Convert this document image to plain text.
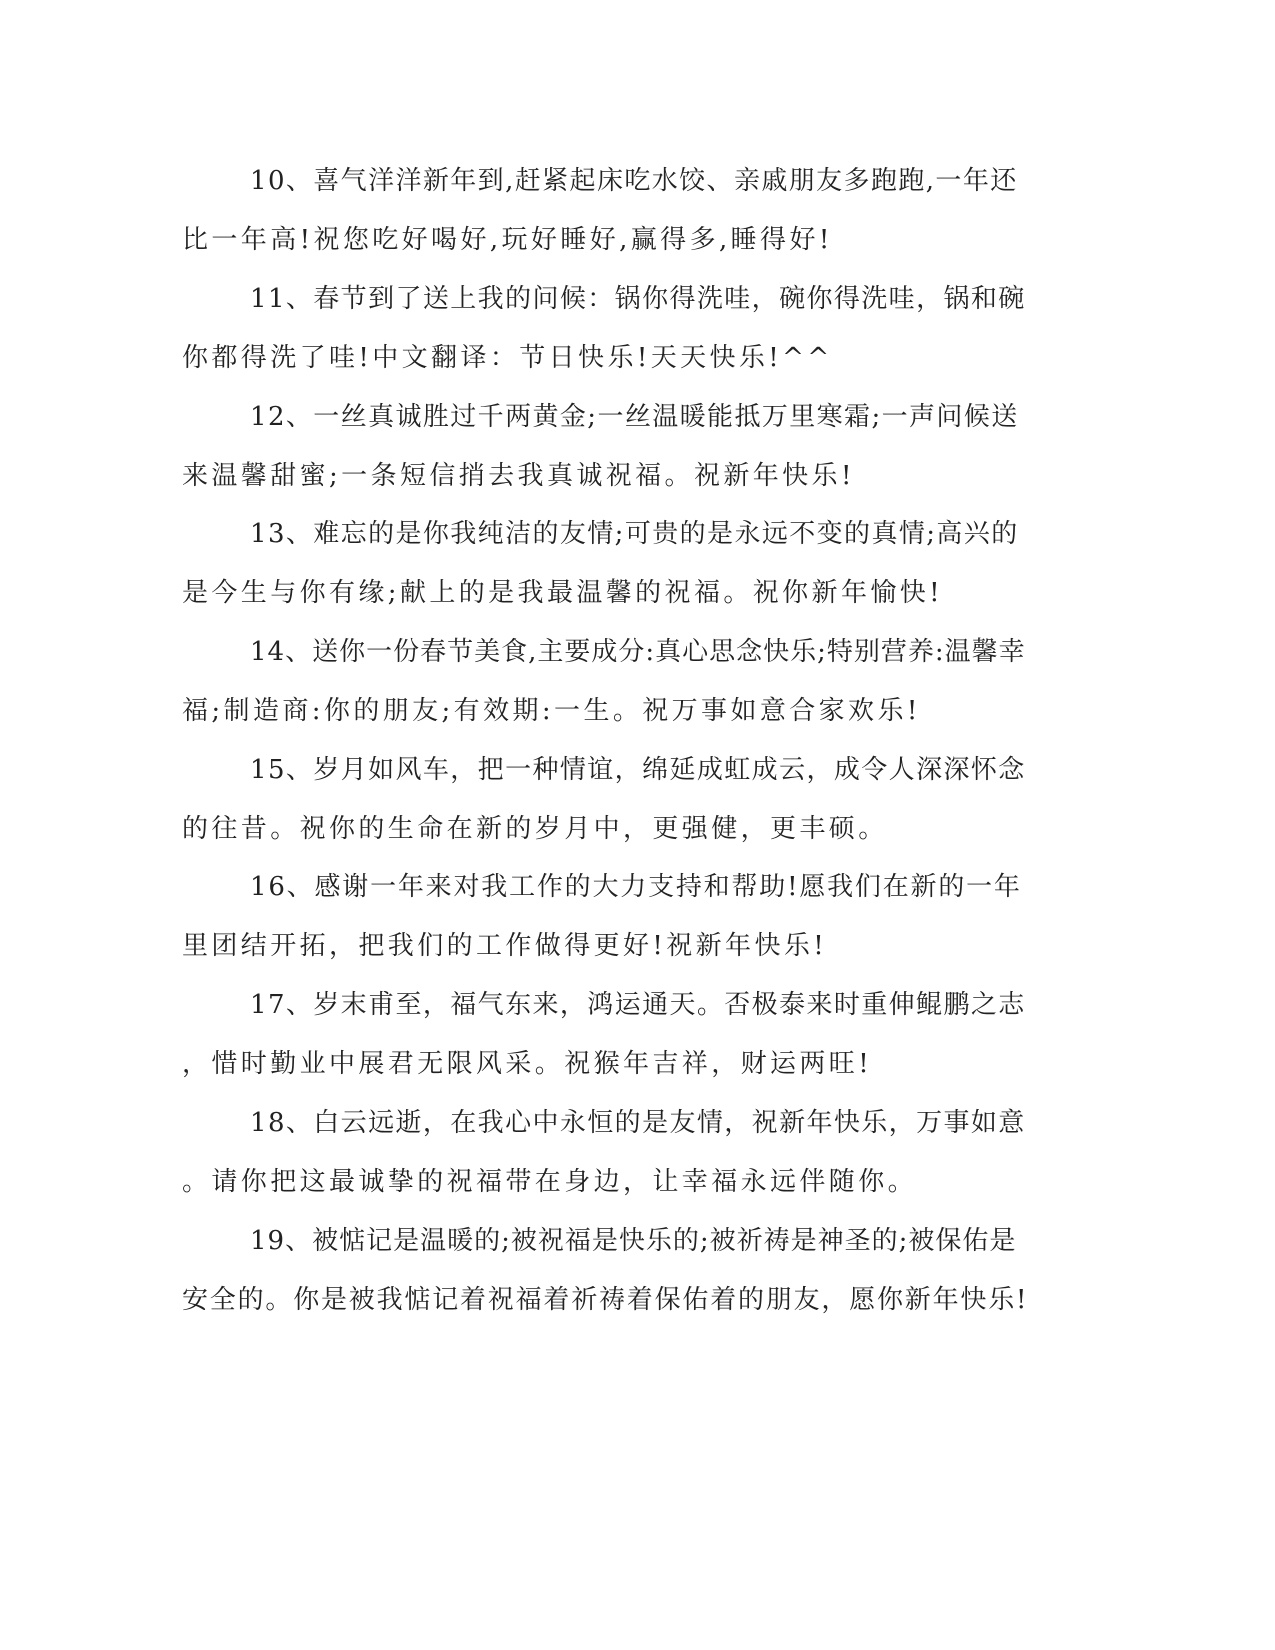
10、喜气洋洋新年到,赶紧起床吃水饺、亲戚朋友多跑跑,一年还
比一年高!祝您吃好喝好,玩好睡好,赢得多,睡得好!
11、春节到了送上我的问候：锅你得洗哇，碗你得洗哇，锅和碗
你都得洗了哇!中文翻译：节日快乐!天天快乐!^^
12、一丝真诚胜过千两黄金;一丝温暖能抵万里寒霜;一声问候送
来温馨甜蜜;一条短信捎去我真诚祝福。祝新年快乐!
13、难忘的是你我纯洁的友情;可贵的是永远不变的真情;高兴的
是今生与你有缘;献上的是我最温馨的祝福。祝你新年愉快!
14、送你一份春节美食,主要成分:真心思念快乐;特别营养:温馨幸
福;制造商:你的朋友;有效期:一生。祝万事如意合家欢乐!
15、岁月如风车，把一种情谊，绵延成虹成云，成令人深深怀念
的往昔。祝你的生命在新的岁月中，更强健，更丰硕。
16、感谢一年来对我工作的大力支持和帮助!愿我们在新的一年
里团结开拓，把我们的工作做得更好!祝新年快乐!
17、岁末甫至，福气东来，鸿运通天。否极泰来时重伸鲲鹏之志
，惜时勤业中展君无限风采。祝猴年吉祥，财运两旺!
18、白云远逝，在我心中永恒的是友情，祝新年快乐，万事如意
。请你把这最诚挚的祝福带在身边，让幸福永远伴随你。
19、被惦记是温暖的;被祝福是快乐的;被祈祷是神圣的;被保佑是
安全的。你是被我惦记着祝福着祈祷着保佑着的朋友，愿你新年快乐!
